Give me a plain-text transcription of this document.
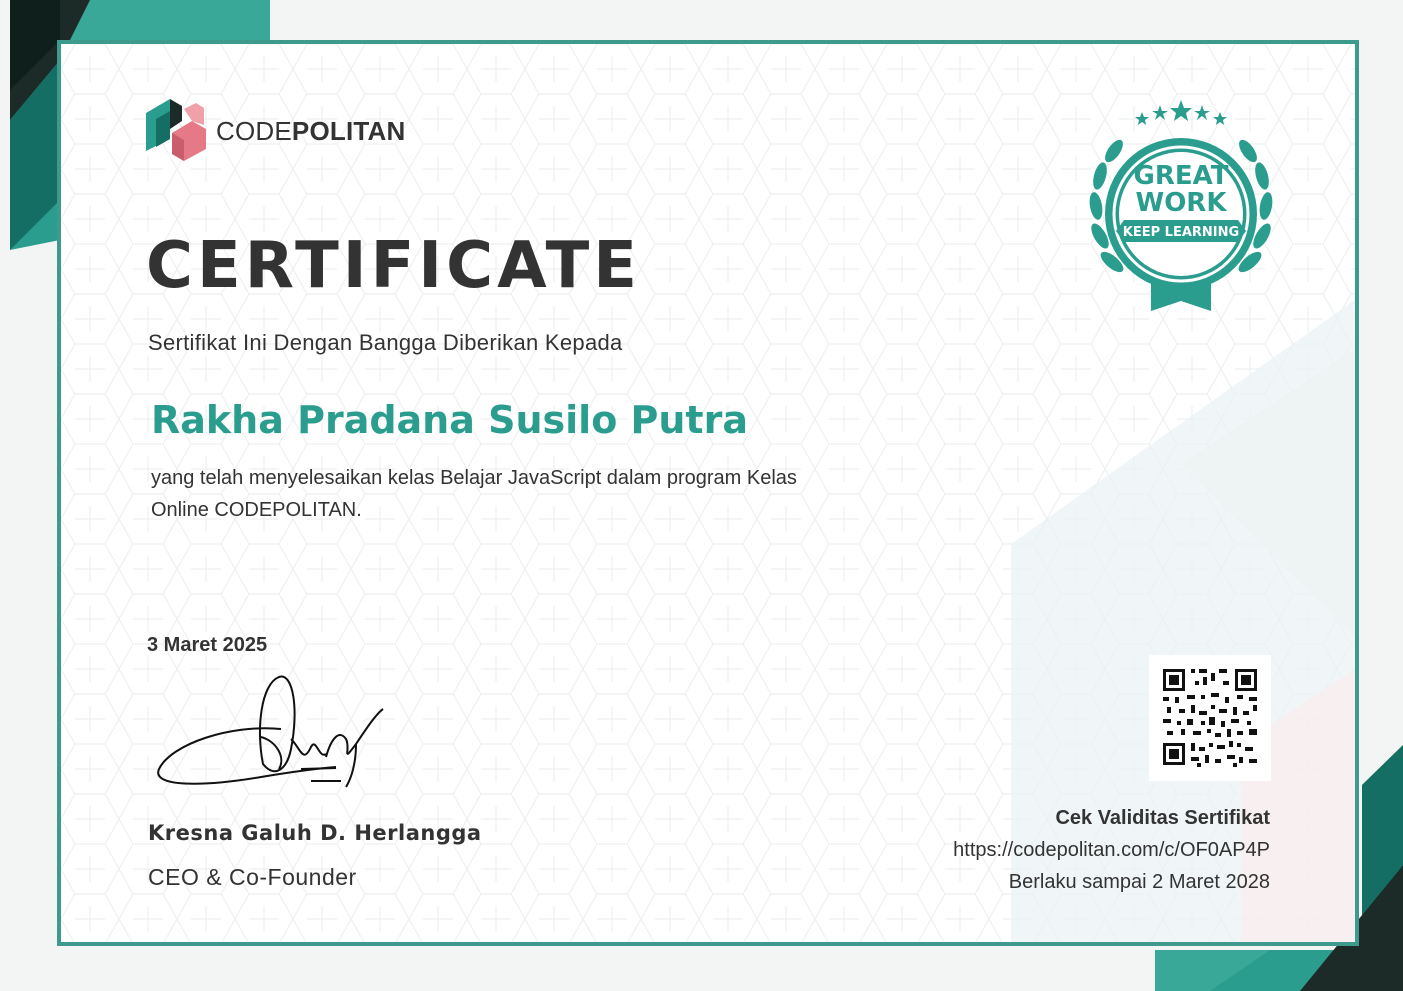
CODEPOLITAN
CERTIFICATE
Sertifikat Ini Dengan Bangga Diberikan Kepada
Rakha Pradana Susilo Putra
yang telah menyelesaikan kelas Belajar JavaScript dalam program Kelas Online CODEPOLITAN.
3 Maret 2025
Kresna Galuh D. Herlangga
CEO & Co-Founder
GREAT
WORK
KEEP LEARNING
Cek Validitas Sertifikat
https://codepolitan.com/c/OF0AP4P
Berlaku sampai 2 Maret 2028
